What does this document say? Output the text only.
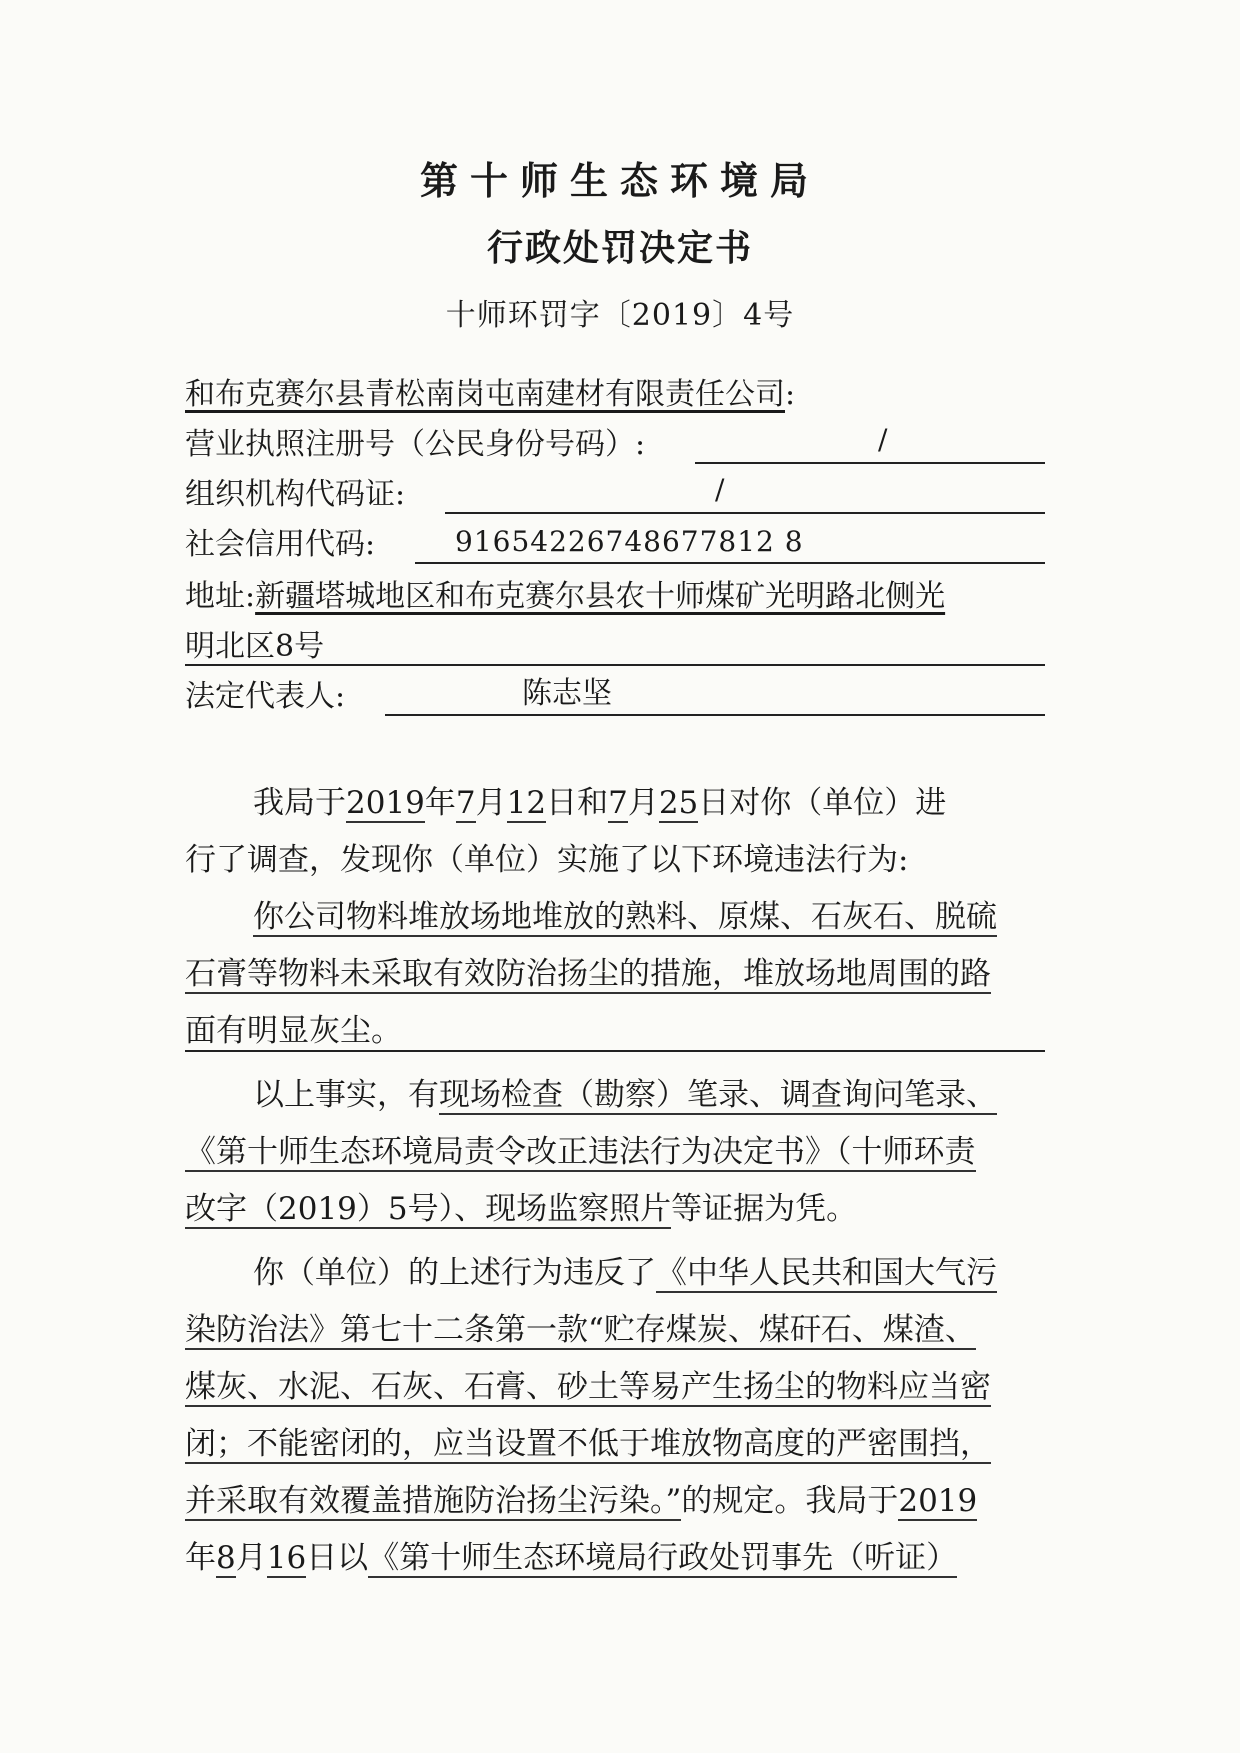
第十师生态环境局
行政处罚决定书
十师环罚字〔2019〕4号
和布克赛尔县青松南岗屯南建材有限责任公司:
营业执照注册号（公民身份号码）:	/
组织机构代码证:	/
社会信用代码:	91654226748677812 8
地址:新疆塔城地区和布克赛尔县农十师煤矿光明路北侧光
明北区8号
法定代表人:	陈志坚
我局于2019年7月12日和7月25日对你（单位）进
行了调查，发现你（单位）实施了以下环境违法行为:
你公司物料堆放场地堆放的熟料、原煤、石灰石、脱硫
石膏等物料未采取有效防治扬尘的措施，堆放场地周围的路
面有明显灰尘。
以上事实，有现场检查（勘察）笔录、调查询问笔录、
《第十师生态环境局责令改正违法行为决定书》（十师环责
改字（2019）5号）、现场监察照片等证据为凭。
你（单位）的上述行为违反了《中华人民共和国大气污
染防治法》第七十二条第一款“贮存煤炭、煤矸石、煤渣、
煤灰、水泥、石灰、石膏、砂土等易产生扬尘的物料应当密
闭；不能密闭的，应当设置不低于堆放物高度的严密围挡，
并采取有效覆盖措施防治扬尘污染。”的规定。我局于2019
年8月16日以《第十师生态环境局行政处罚事先（听证）
